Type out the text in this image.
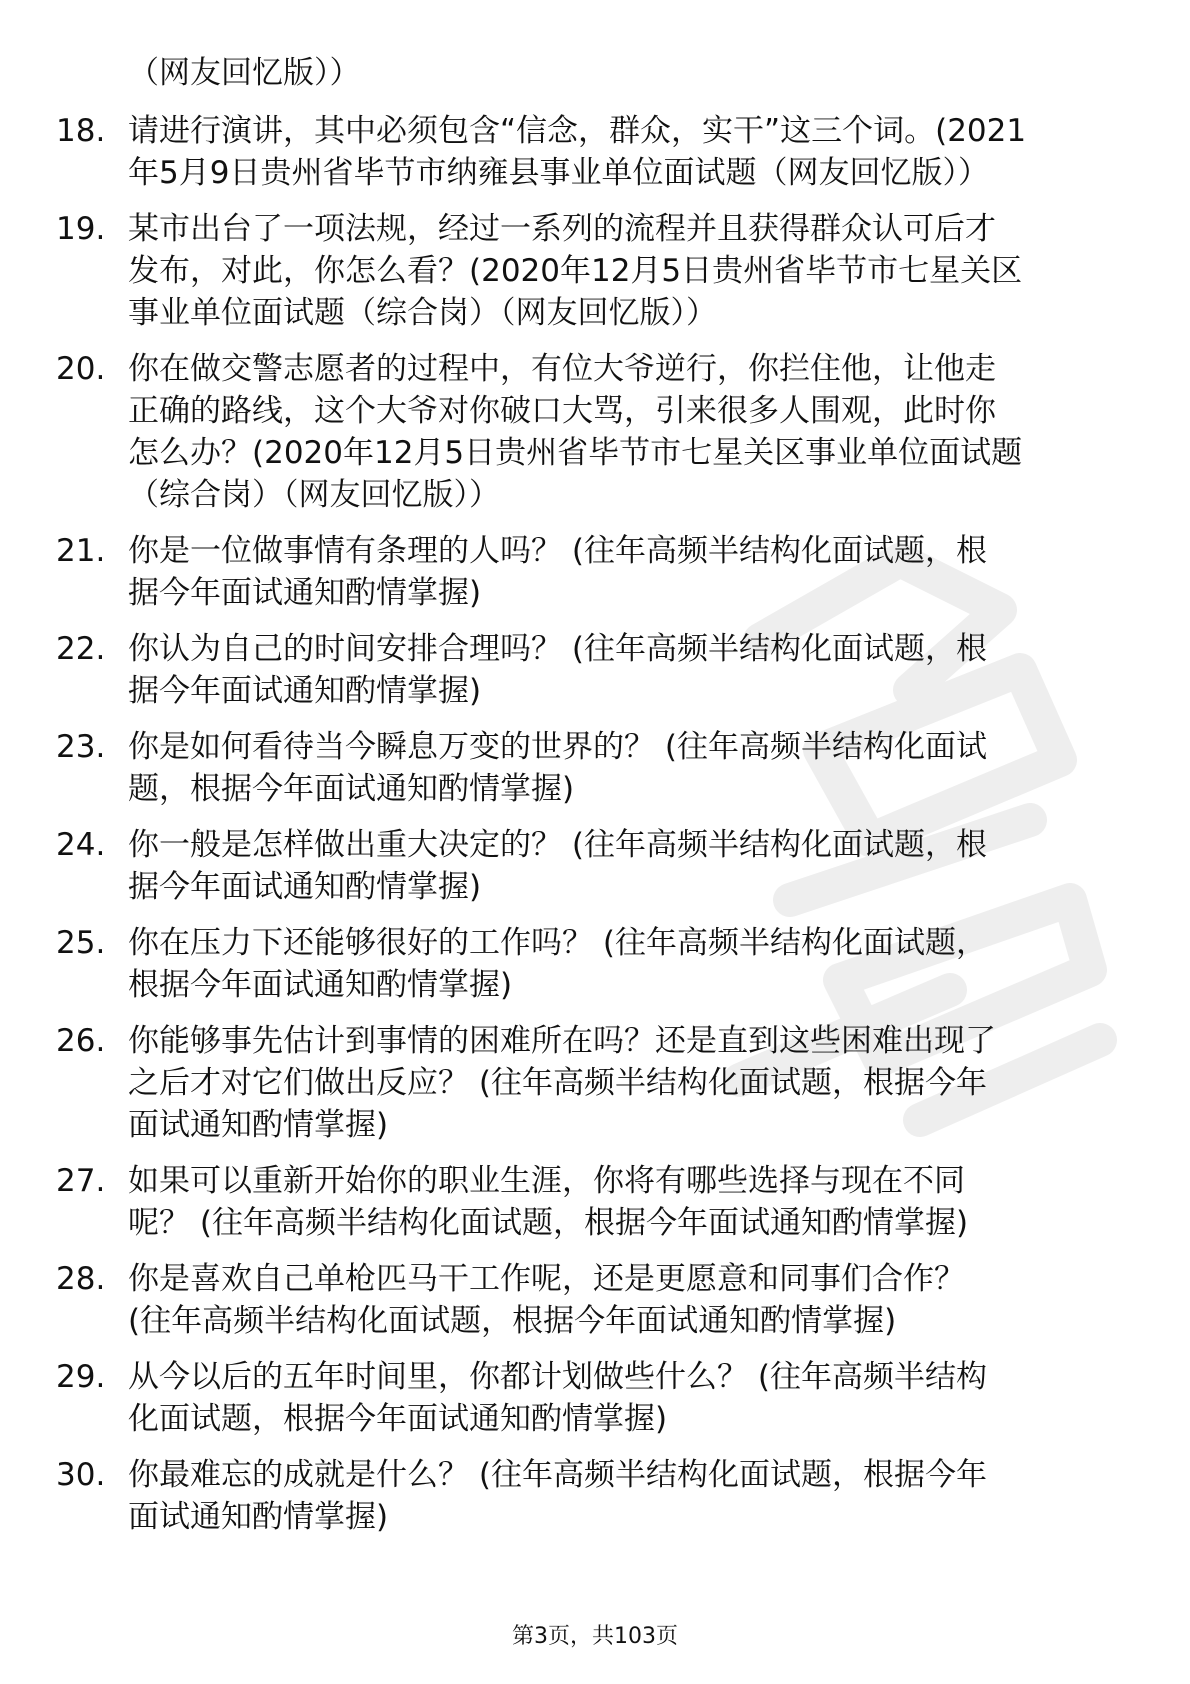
（网友回忆版））
18. 请进行演讲，其中必须包含“信念，群众，实干”这三个词。(2021
年5月9日贵州省毕节市纳雍县事业单位面试题（网友回忆版））
19. 某市出台了一项法规，经过一系列的流程并且获得群众认可后才
发布，对此，你怎么看？(2020年12月5日贵州省毕节市七星关区
事业单位面试题（综合岗）（网友回忆版））
20. 你在做交警志愿者的过程中，有位大爷逆行，你拦住他，让他走
正确的路线，这个大爷对你破口大骂，引来很多人围观，此时你
怎么办？(2020年12月5日贵州省毕节市七星关区事业单位面试题
（综合岗）（网友回忆版））
21. 你是一位做事情有条理的人吗？ (往年高频半结构化面试题，根
据今年面试通知酌情掌握)
22. 你认为自己的时间安排合理吗？ (往年高频半结构化面试题，根
据今年面试通知酌情掌握)
23. 你是如何看待当今瞬息万变的世界的？ (往年高频半结构化面试
题，根据今年面试通知酌情掌握)
24. 你一般是怎样做出重大决定的？ (往年高频半结构化面试题，根
据今年面试通知酌情掌握)
25. 你在压力下还能够很好的工作吗？ (往年高频半结构化面试题，
根据今年面试通知酌情掌握)
26. 你能够事先估计到事情的困难所在吗？还是直到这些困难出现了
之后才对它们做出反应？ (往年高频半结构化面试题，根据今年
面试通知酌情掌握)
27. 如果可以重新开始你的职业生涯，你将有哪些选择与现在不同
呢？ (往年高频半结构化面试题，根据今年面试通知酌情掌握)
28. 你是喜欢自己单枪匹马干工作呢，还是更愿意和同事们合作？
(往年高频半结构化面试题，根据今年面试通知酌情掌握)
29. 从今以后的五年时间里，你都计划做些什么？ (往年高频半结构
化面试题，根据今年面试通知酌情掌握)
30. 你最难忘的成就是什么？ (往年高频半结构化面试题，根据今年
面试通知酌情掌握)
第3页，共103页
